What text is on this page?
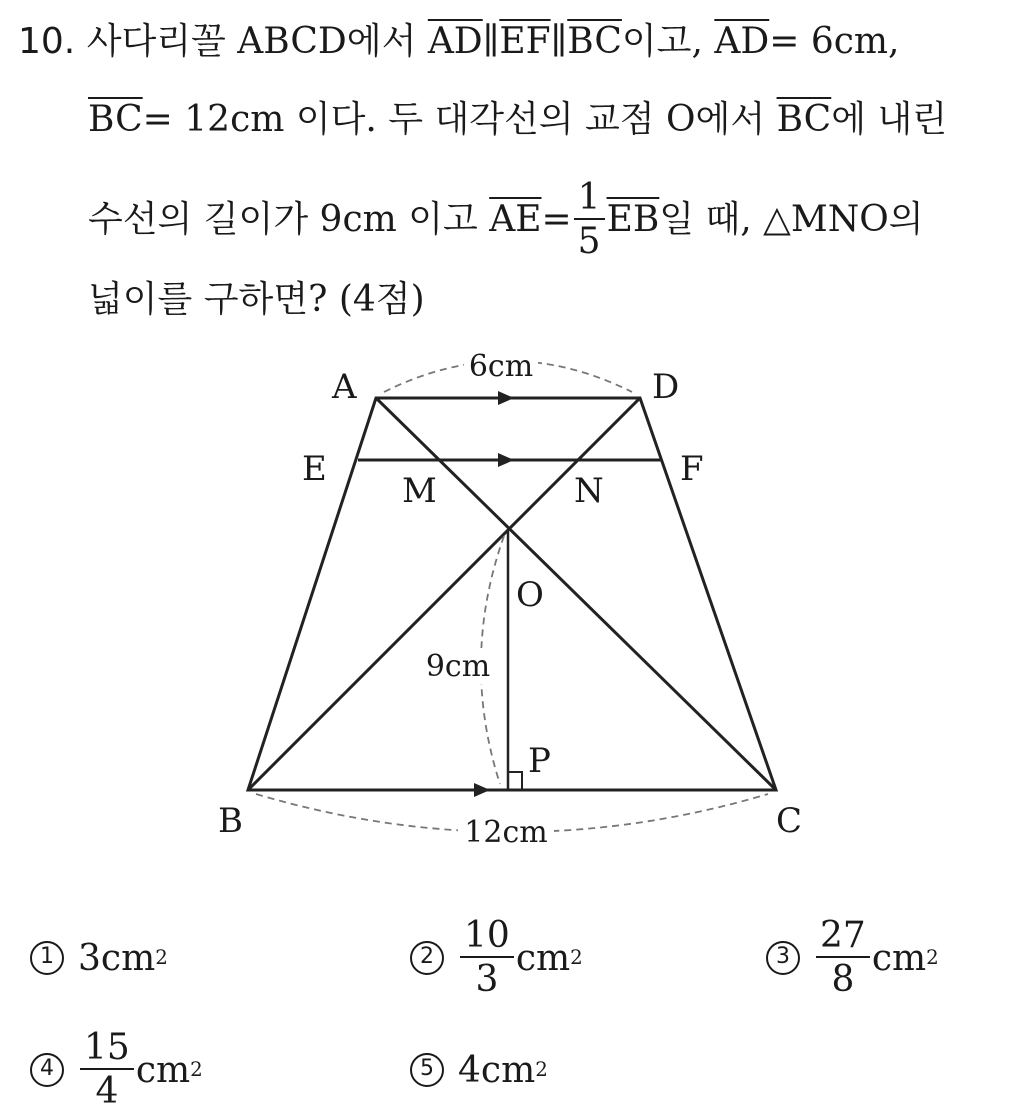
10. 사다리꼴 ABCD에서 $\overline{AD}\parallel\overline{EF}\parallel\overline{BC}$이고, $\overline{AD}= 6cm$,
$\overline{BC}= 12cm$ 이다. 두 대각선의 교점 O에서 $\overline{BC}$에 내린
수선의 길이가 9cm 이고
$\overline{AE} = \frac{1}{5} \overline{EB}$ 일 때, △MNO의
넓이를 구하면? (4점)
6cm
12cm
9cm
A	D
E	F
M	N
O
P
B	C
1 3cm 2	$2 \frac{10}{3}$ cm 2	$3 \frac{27}{8}$ cm 2
$4 \frac{15}{4}$ cm 2	5 4cm 2
